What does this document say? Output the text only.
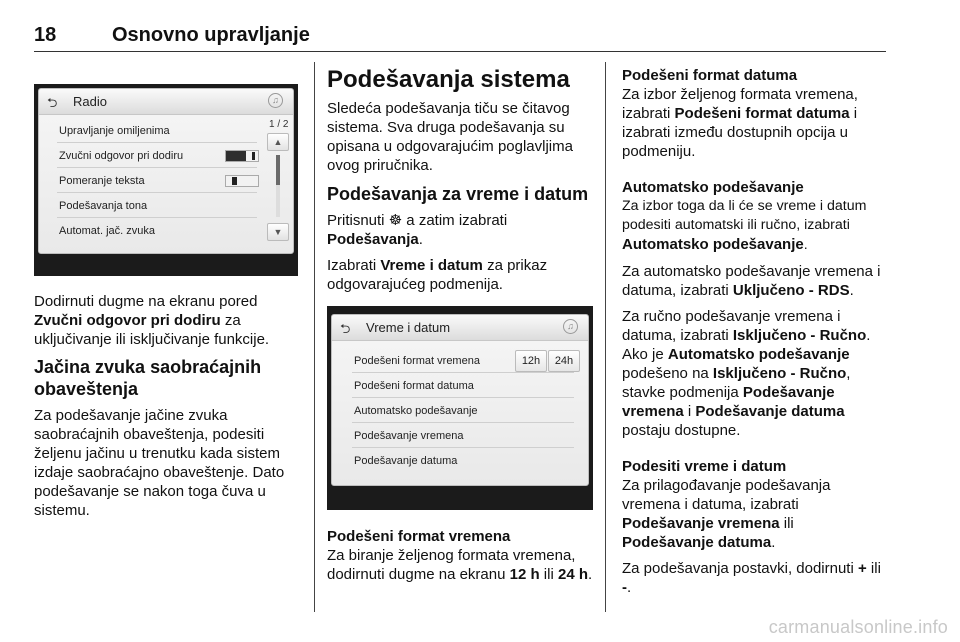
18	Osnovno upravljanje
⮌ Radio	♫
Upravljanje omiljenima
Zvučni odgovor pri dodiru
Pomeranje teksta
Podešavanja tona
Automat. jač. zvuka
1 / 2
▲
▼

Dodirnuti dugme na ekranu pored Zvučni odgovor pri dodiru za uključivanje ili isključivanje funkcije.

Jačina zvuka saobraćajnih obaveštenja

Za podešavanje jačine zvuka saobraćajnih obaveštenja, podesiti željenu jačinu u trenutku kada sistem izdaje saobraćajno obaveštenje. Dato podešavanje se nakon toga čuva u sistemu.

Podešavanja sistema

Sledeća podešavanja tiču se čitavog sistema. Sva druga podešavanja su opisana u odgovarajućim poglavljima ovog priručnika.

Podešavanja za vreme i datum

Pritisnuti ☸ a zatim izabrati
Podešavanja.

Izabrati Vreme i datum za prikaz odgovarajućeg podmenija.

⮌ Vreme i datum	♫
Podešeni format vremena
Podešeni format datuma
Automatsko podešavanje
Podešavanje vremena
Podešavanje datuma
12h	24h
Podešeni format vremena

Za biranje željenog formata vremena, dodirnuti dugme na ekranu 12 h ili 24 h.

Podešeni format datuma

Za izbor željenog formata vremena, izabrati Podešeni format datuma i izabrati između dostupnih opcija u podmeniju.

Automatsko podešavanje

Za izbor toga da li će se vreme i datum podesiti automatski ili ručno, izabrati Automatsko podešavanje.

Za automatsko podešavanje vremena i datuma, izabrati Uključeno - RDS.

Za ručno podešavanje vremena i datuma, izabrati Isključeno - Ručno. Ako je Automatsko podešavanje podešeno na Isključeno - Ručno, stavke podmenija Podešavanje vremena i Podešavanje datuma postaju dostupne.

Podesiti vreme i datum

Za prilagođavanje podešavanja vremena i datuma, izabrati
Podešavanje vremena ili
Podešavanje datuma.

Za podešavanja postavki, dodirnuti + ili -.

carmanualsonline.info
